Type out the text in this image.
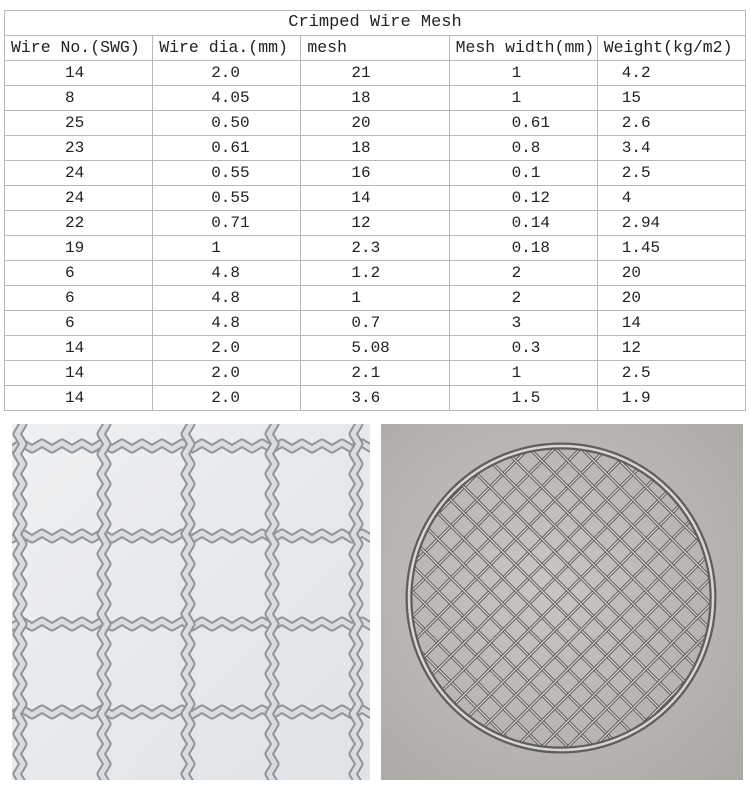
Crimped Wire Mesh				
Wire No.(SWG)	Wire dia.(mm)	mesh	Mesh width(mm)	Weight(kg/m2)
14	2.0	21	1	4.2
8	4.05	18	1	15
25	0.50	20	0.61	2.6
23	0.61	18	0.8	3.4
24	0.55	16	0.1	2.5
24	0.55	14	0.12	4
22	0.71	12	0.14	2.94
19	1	2.3	0.18	1.45
6	4.8	1.2	2	20
6	4.8	1	2	20
6	4.8	0.7	3	14
14	2.0	5.08	0.3	12
14	2.0	2.1	1	2.5
14	2.0	3.6	1.5	1.9
